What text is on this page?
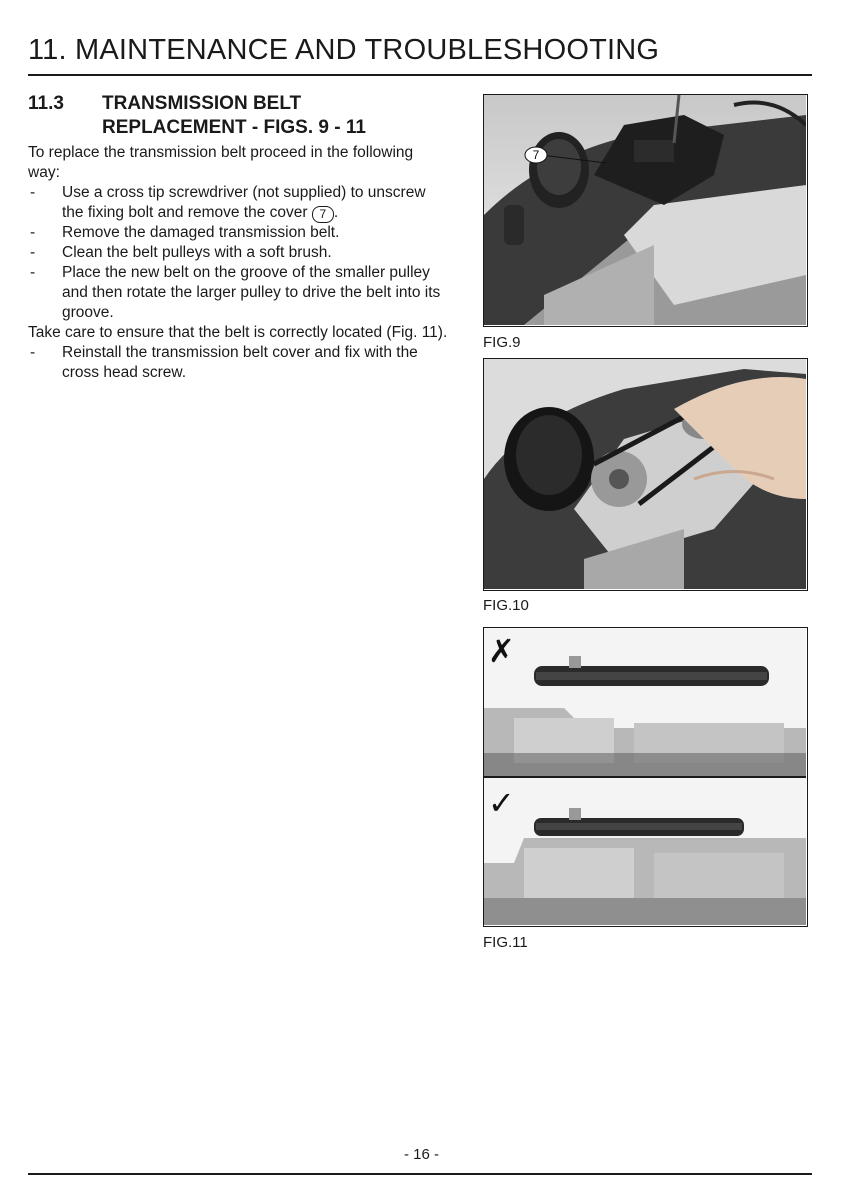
11. MAINTENANCE AND TROUBLESHOOTING
11.3 TRANSMISSION BELT
REPLACEMENT - FIGS. 9 - 11

To replace the transmission belt proceed in the following way:

- Use a cross tip screwdriver (not supplied) to unscrew the fixing bolt and remove the cover 7 .

- Remove the damaged transmission belt.

- Clean the belt pulleys with a soft brush.

- Place the new belt on the groove of the smaller pulley and then rotate the larger pulley to drive the belt into its groove.

Take care to ensure that the belt is correctly located (Fig. 11).

- Reinstall the transmission belt cover and fix with the cross head screw.

7
FIG.9
FIG.10
✗
✓
FIG.11
- 16 -
